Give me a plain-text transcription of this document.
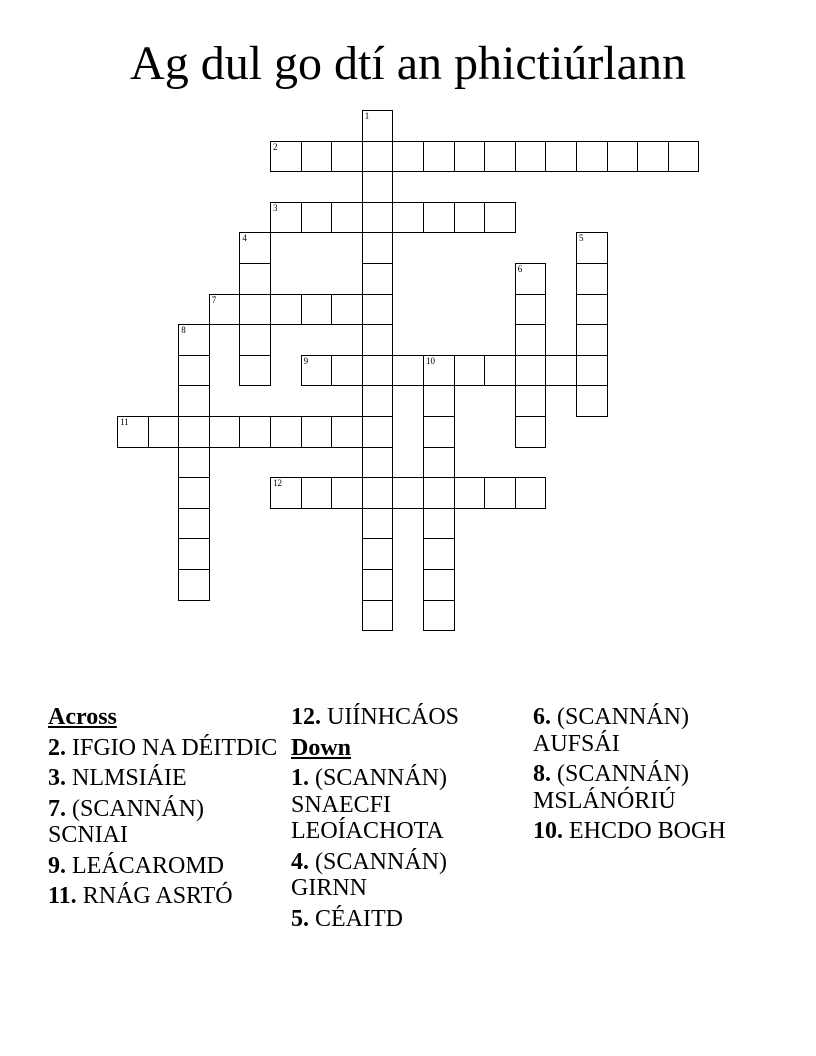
Ag dul go dtí an phictiúrlann
1
2
3
4	5
6
7
8
9	10
11
12
Across
2. IFGIO NA DÉITDIC
3. NLMSIÁIE
7. (SCANNÁN) SCNIAI
9. LEÁCAROMD
11. RNÁG ASRTÓ
12. UIÍNHCÁOS
Down
1. (SCANNÁN) SNAECFI LEOÍACHOTA
4. (SCANNÁN) GIRNN
5. CÉAITD
6. (SCANNÁN) AUFSÁI
8. (SCANNÁN) MSLÁNÓRIÚ
10. EHCDO BOGH
